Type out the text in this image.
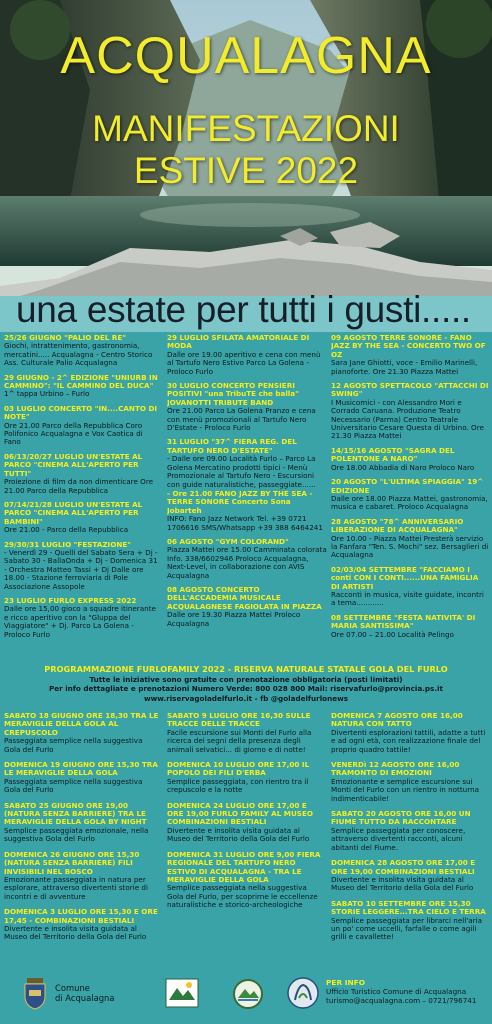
ACQUALAGNA
MANIFESTAZIONI
ESTIVE 2022
una estate per tutti i gusti.....
25/26 GIUGNO "PALIO DEL RE"
Giochi, intrattenimento, gastronomia, mercatini..... Acqualagna - Centro Storico Ass. Culturale Palio Acqualagna
29 GIUGNO - 2^ EDIZIONE "UNIURB IN CAMMINO": "IL CAMMINO DEL DUCA"
1^ tappa Urbino – Furlo
03 LUGLIO CONCERTO "IN....CANTO DI NOTE"
Ore 21.00 Parco della Repubblica Coro Polifonico Acqualagna e Vox Caotica di Fano
06/13/20/27 LUGLIO UN'ESTATE AL PARCO "CINEMA ALL'APERTO PER TUTTI"
Proiezione di film da non dimenticare Ore 21.00 Parco della Repubblica
07/14/21/28 LUGLIO UN'ESTATE AL PARCO "CINEMA ALL'APERTO PER BAMBINI"
Ore 21.00 - Parco della Repubblica
29/30/31 LUGLIO "FESTAZIONE"
- Venerdì 29 - Quelli del Sabato Sera + Dj - Sabato 30 - BallaOnda + Dj - Domenica 31 - Orchestra Matteo Tassi + Dj Dalle ore 18.00 - Stazione ferroviaria di Pole Associazione Assopole
23 LUGLIO FURLO EXPRESS 2022
Dalle ore 15,00 gioco a squadre itinerante e ricco aperitivo con la "Gluppa del Viaggiatore" + Dj. Parco La Golena - Proloco Furlo
29 LUGLIO SFILATA AMATORIALE DI MODA
Dalle ore 19.00 aperitivo e cena con menù al Tartufo Nero Estivo Parco La Golena - Proloco Furlo
30 LUGLIO CONCERTO PENSIERI POSITIVI "una TribuTE che balla" JOVANOTTI TRIBUTE BAND
Ore 21.00 Parco La Golena Pranzo e cena con menù promozionali al Tartufo Nero D'Estate - Proloco Furlo
31 LUGLIO "37^ FIERA REG. DEL TARTUFO NERO D'ESTATE"
- Dalle ore 09.00 Località Furlo – Parco La Golena Mercatino prodotti tipici - Menù Promozionale al Tartufo Nero - Escursioni con guide naturalistiche, passeggiate......
- Ore 21.00 FANO JAZZ BY THE SEA - TERRE SONORE Concerto Sona Jobarteh
INFO: Fano Jazz Network Tel. +39 0721 1706616 SMS/Whatsapp +39 388 6464241
06 AGOSTO "GYM COLORAND"
Piazza Mattei ore 15.00 Camminata colorata Info. 338/6602946 Proloco Acqualagna, Next-Level, in collaborazione con AVIS Acqualagna
08 AGOSTO CONCERTO DELL'ACCADEMIA MUSICALE ACQUALAGNESE FAGIOLATA IN PIAZZA
Dalle ore 19.30 Piazza Mattei Proloco Acqualagna
09 AGOSTO TERRE SONORE - FANO JAZZ BY THE SEA - CONCERTO TWO OF OZ
Sara Jane Ghiotti, voce - Emilio Marinelli, pianoforte. Ore 21.30 Piazza Mattei
12 AGOSTO SPETTACOLO "ATTACCHI DI SWING"
I Musicomici - con Alessandro Mori e Corrado Caruana. Produzione Teatro Necessario (Parma) Centro Teatrale Universitario Cesare Questa di Urbino. Ore 21.30 Piazza Mattei
14/15/16 AGOSTO "SAGRA DEL POLENTONE A NARO"
Ore 18.00 Abbadia di Naro Proloco Naro
20 AGOSTO "L'ULTIMA SPIAGGIA" 19^ EDIZIONE
Dalle ore 18.00 Piazza Mattei, gastronomia, musica e cabaret. Proloco Acqualagna
28 AGOSTO "78^ ANNIVERSARIO LIBERAZIONE DI ACQUALAGNA"
Ore 10.00 - Piazza Mattei Presterà servizio la Fanfara "Ten. S. Mochi" sez. Bersaglieri di Acqualagna
02/03/04 SETTEMBRE "FACCIAMO I conti CON I CONTI......UNA FAMIGLIA DI ARTISTI
Racconti in musica, visite guidate, incontri a tema............
08 SETTEMBRE "FESTA NATIVITA' DI MARIA SANTISSIMA"
Ore 07.00 – 21.00 Località Pelingo
PROGRAMMAZIONE FURLOFAMILY 2022 - RISERVA NATURALE STATALE GOLA DEL FURLO
Tutte le iniziative sono gratuite con prenotazione obbligatoria (posti limitati)
Per info dettagliate e prenotazioni Numero Verde: 800 028 800 Mail: riservafurlo@provincia.ps.it
www.riservagoladelfurlo.it - fb @goladelfurlonews
SABATO 18 GIUGNO ORE 18,30 TRA LE MERAVIGLIE DELLA GOLA AL CREPUSCOLO
Passeggiata semplice nella suggestiva Gola del Furlo
DOMENICA 19 GIUGNO ORE 15,30 TRA LE MERAVIGLIE DELLA GOLA
Passeggiata semplice nella suggestiva Gola del Furlo
SABATO 25 GIUGNO ORE 19,00 (NATURA SENZA BARRIERE) TRA LE MERAVIGLIE DELLA GOLA BY NIGHT
Semplice passeggiata emozionale, nella suggestiva Gola del Furlo
DOMENICA 26 GIUGNO ORE 15,30 (NATURA SENZA BARRIERE) FILI INVISIBILI NEL BOSCO
Emozionante passeggiata in natura per esplorare, attraverso divertenti storie di incontri e di avventure
DOMENICA 3 LUGLIO ORE 15,30 E ORE 17,45 - COMBINAZIONI BESTIALI
Divertente e insolita visita guidata al Museo del Territorio della Gola del Furlo
SABATO 9 LUGLIO ORE 16,30 SULLE TRACCE DELLE TRACCE
Facile escursione sui Monti del Furlo alla ricerca dei segni della presenza degli animali selvatici... di giorno e di notte!
DOMENICA 10 LUGLIO ORE 17,00 IL POPOLO DEI FILI D'ERBA
Semplice passeggiata, con rientro tra il crepuscolo e la notte
DOMENICA 24 LUGLIO ORE 17,00 E ORE 19,00 FURLO FAMILY AL MUSEO COMBINAZIONI BESTIALI
Divertente e insolita visita guidata al Museo del Territorio della Gola del Furlo
DOMENICA 31 LUGLIO ORE 9,00 FIERA REGIONALE DEL TARTUFO NERO ESTIVO DI ACQUALAGNA - TRA LE MERAVIGLIE DELLA GOLA
Semplice passeggiata nella suggestiva Gola del Furlo, per scoprirne le eccellenze naturalistiche e storico-archeologiche
DOMENICA 7 AGOSTO ORE 16,00 NATURA CON TATTO
Divertenti esplorazioni tattili, adatte a tutti e ad ogni età, con realizzazione finale del proprio quadro tattile!
VENERDì 12 AGOSTO ORE 16,00 TRAMONTO DI EMOZIONI
Emozionante e semplice escursione sui Monti del Furlo con un rientro in notturna indimenticabile!
SABATO 20 AGOSTO ORE 16,00 UN FIUME TUTTO DA RACCONTARE
Semplice passeggiata per conoscere, attraverso divertenti racconti, alcuni abitanti del Fiume.
DOMENICA 28 AGOSTO ORE 17,00 E ORE 19,00 COMBINAZIONI BESTIALI
Divertente e insolita visita guidata al Museo del Territorio della Gola del Furlo
SABATO 10 SETTEMBRE ORE 15,30 STORIE LEGGERE...TRA CIELO E TERRA
Semplice passeggiata per librarci nell'aria un po' come uccelli, farfalle o come agili grilli e cavallette!
Comune
di Acqualagna
PER INFO
Ufficio Turistico Comune di Acqualagna
turismo@acqualagna.com – 0721/796741
